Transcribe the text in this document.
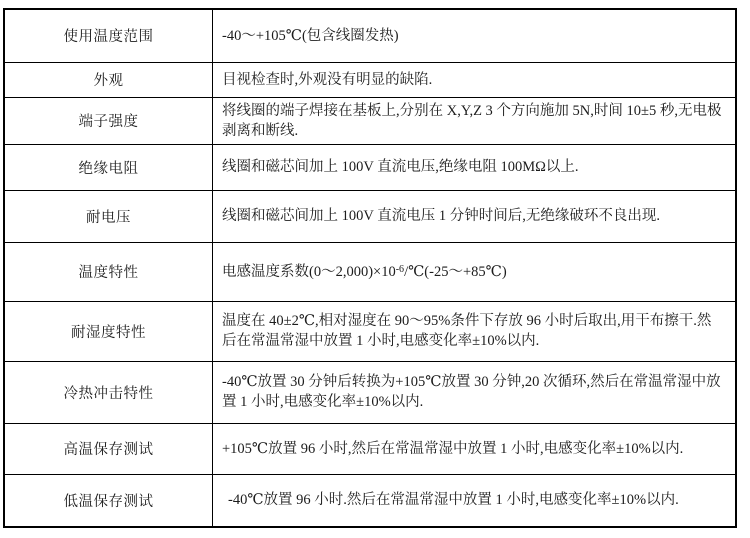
使用温度范围	-40～+105℃(包含线圈发热)
外观	目视检查时,外观没有明显的缺陷.
端子强度	将线圈的端子焊接在基板上,分别在 X,Y,Z 3 个方向施加 5N,时间 10±5 秒,无电极剥离和断线.
绝缘电阻	线圈和磁芯间加上 100V 直流电压,绝缘电阻 100MΩ以上.
耐电压	线圈和磁芯间加上 100V 直流电压 1 分钟时间后,无绝缘破环不良出现.
温度特性	电感温度系数$(0\sim 2,000)\times 10^{-6}/℃(-25\sim+85℃)$
耐湿度特性	温度在 40±2℃,相对湿度在 90～95%条件下存放 96 小时后取出,用干布擦干.然后在常温常湿中放置 1 小时,电感变化率±10%以内.
冷热冲击特性	-40℃放置 30 分钟后转换为+105℃放置 30 分钟,20 次循环,然后在常温常湿中放置 1 小时,电感变化率±10%以内.
高温保存测试	+105℃放置 96 小时,然后在常温常湿中放置 1 小时,电感变化率±10%以内.
低温保存测试	-40℃放置 96 小时.然后在常温常湿中放置 1 小时,电感变化率±10%以内.
